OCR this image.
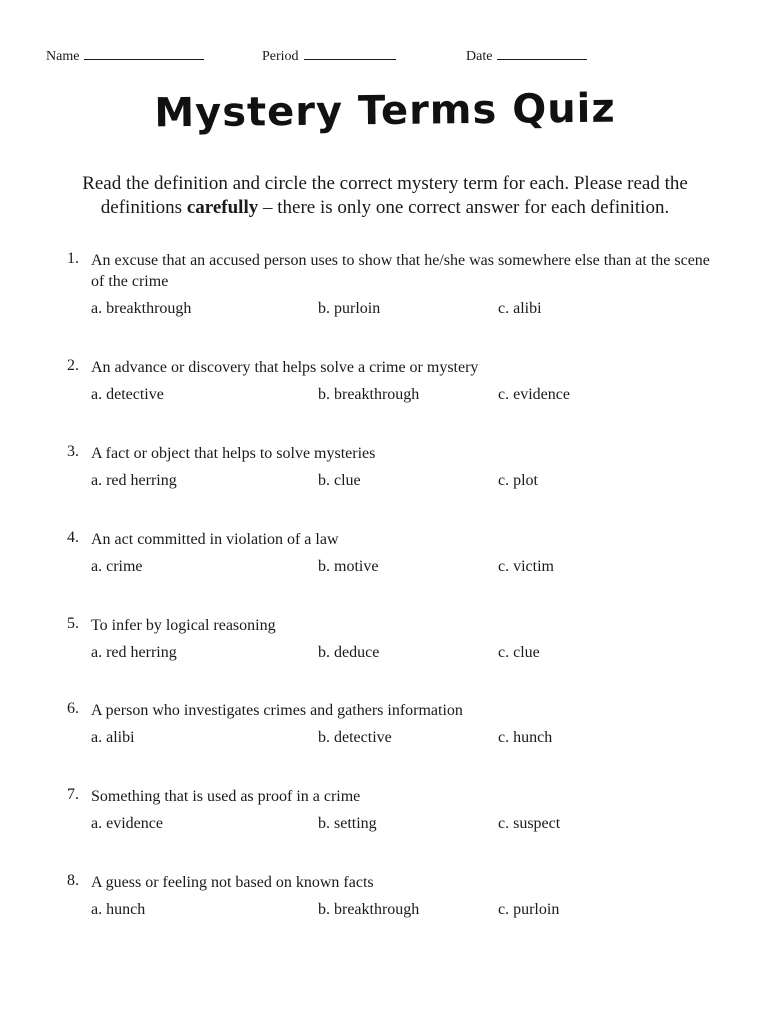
Name	Period	Date
Mystery Terms Quiz
Read the definition and circle the correct mystery term for each. Please read the definitions carefully – there is only one correct answer for each definition.
1. An excuse that an accused person uses to show that he/she was somewhere else than at the scene of the crime
a. breakthrough	b. purloin	c. alibi
2. An advance or discovery that helps solve a crime or mystery
a. detective	b. breakthrough	c. evidence
3. A fact or object that helps to solve mysteries
a. red herring	b. clue	c. plot
4. An act committed in violation of a law
a. crime	b. motive	c. victim
5. To infer by logical reasoning
a. red herring	b. deduce	c. clue
6. A person who investigates crimes and gathers information
a. alibi	b. detective	c. hunch
7. Something that is used as proof in a crime
a. evidence	b. setting	c. suspect
8. A guess or feeling not based on known facts
a. hunch	b. breakthrough	c. purloin
